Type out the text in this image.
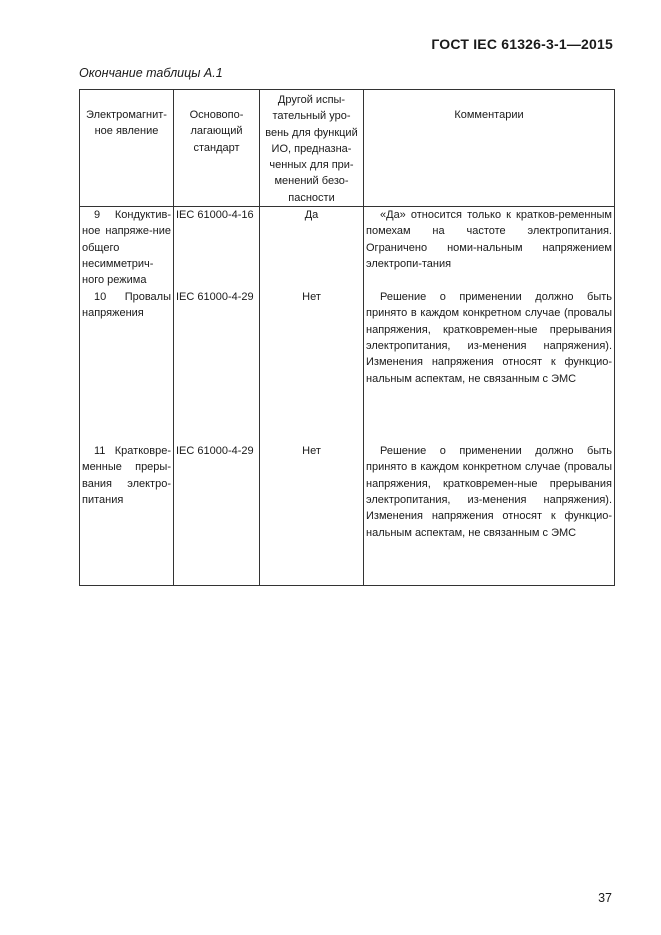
ГОСТ IEC 61326-3-1—2015
Окончание таблицы А.1
Электромагнит-ное явление	Основопо-лагающий стандарт	Другой испы-тательный уро-вень для функций ИО, предназна-ченных для при-менений безо-пасности	Комментарии
9 Кондуктив-ное напряже-ние общего несимметрич-ного режима	IEC 61000-4-16	Да	«Да» относится только к кратков-ременным помехам на частоте электропитания. Ограничено номи-нальным напряжением электропи-тания
10 Провалы напряжения	IEC 61000-4-29	Нет	Решение о применении должно быть принято в каждом конкретном случае (провалы напряжения, кратковремен-ные прерывания электропитания, из-менения напряжения). Изменения напряжения относят к функцио-нальным аспектам, не связанным с ЭМС
11 Кратковре-менные преры-вания электро-питания	IEC 61000-4-29	Нет	Решение о применении должно быть принято в каждом конкретном случае (провалы напряжения, кратковремен-ные прерывания электропитания, из-менения напряжения). Изменения напряжения относят к функцио-нальным аспектам, не связанным с ЭМС
37
